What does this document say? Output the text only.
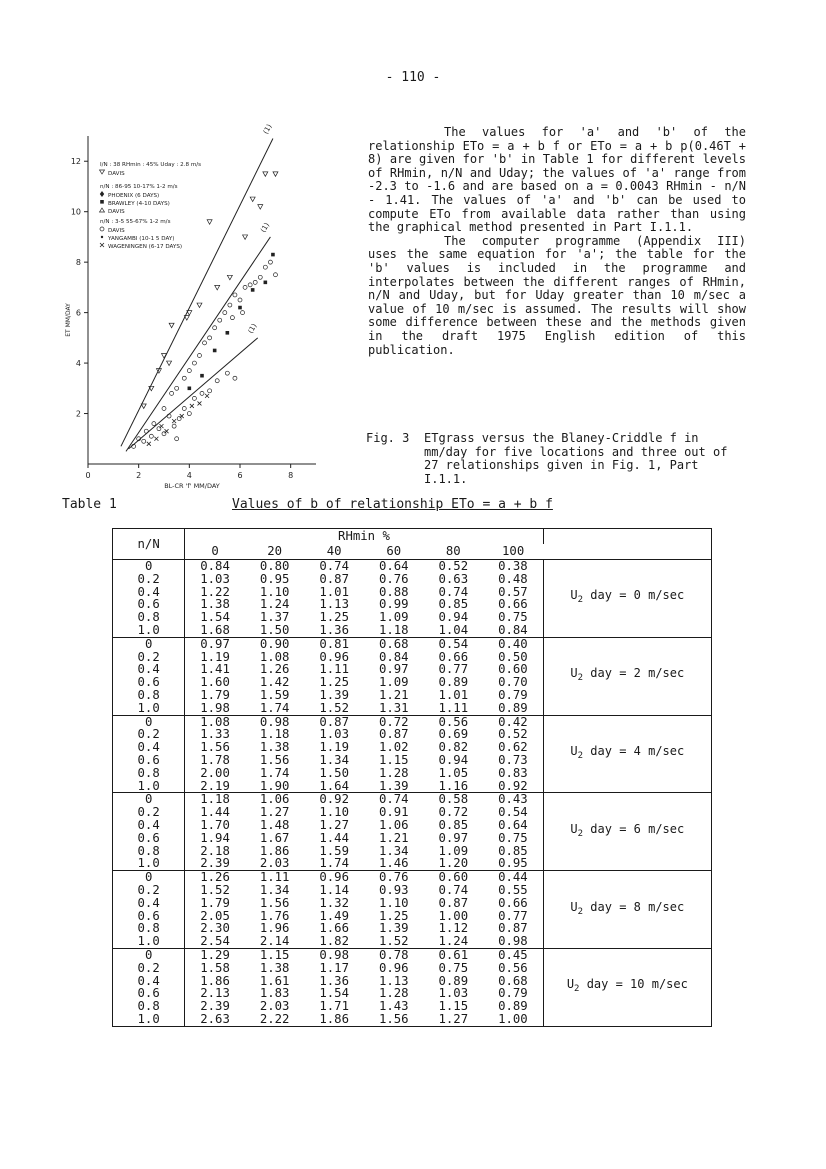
- 110 -
0	2	4	6	8
2
4
6
8
10
12
BL-CR 'f' MM/DAY
ET MM/DAY
(1)
(1)
(1)
I/N : 38 RHmin : 45% Uday : 2.8 m/s
DAVIS
n/N : 86-95 10-17% 1-2 m/s
PHOENIX (6 DAYS)
BRAWLEY (4-10 DAYS)
DAVIS
n/N : 3-5 55-67% 1-2 m/s
DAVIS
YANGAMBI (10-1 5 DAY)
WAGENINGEN (6-17 DAYS)

The values for 'a' and 'b' of the relationship ETo = a + b f or ETo = a + b p(0.46T + 8) are given for 'b' in Table 1 for different levels of RHmin, n/N and Uday; the values of 'a' range from -2.3 to -1.6 and are based on a = 0.0043 RHmin - n/N - 1.41. The values of 'a' and 'b' can be used to compute ETo from available data rather than using the graphical method presented in Part I.1.1.

The computer programme (Appendix III) uses the same equation for 'a'; the table for the 'b' values is included in the programme and interpolates between the different ranges of RHmin, n/N and Uday, but for Uday greater than 10 m/sec a value of 10 m/sec is assumed. The results will show some difference between these and the methods given in the draft 1975 English edition of this publication.

Fig. 3	ETgrass versus the Blaney-Criddle f in mm/day for five locations and three out of 27 relationships given in Fig. 1, Part I.1.1.
Table 1	Values of b of relationship ETo = a + b f
n/N	RHmin %						
	0	20	40	60	80	100	
0	0.84	0.80	0.74	0.64	0.52	0.38	$U_2$ day = 0 m/sec
0.2	1.03	0.95	0.87	0.76	0.63	0.48	
0.4	1.22	1.10	1.01	0.88	0.74	0.57	
0.6	1.38	1.24	1.13	0.99	0.85	0.66	
0.8	1.54	1.37	1.25	1.09	0.94	0.75	
1.0	1.68	1.50	1.36	1.18	1.04	0.84	
0	0.97	0.90	0.81	0.68	0.54	0.40	$U_2$ day = 2 m/sec
0.2	1.19	1.08	0.96	0.84	0.66	0.50	
0.4	1.41	1.26	1.11	0.97	0.77	0.60	
0.6	1.60	1.42	1.25	1.09	0.89	0.70	
0.8	1.79	1.59	1.39	1.21	1.01	0.79	
1.0	1.98	1.74	1.52	1.31	1.11	0.89	
0	1.08	0.98	0.87	0.72	0.56	0.42	$U_2$ day = 4 m/sec
0.2	1.33	1.18	1.03	0.87	0.69	0.52	
0.4	1.56	1.38	1.19	1.02	0.82	0.62	
0.6	1.78	1.56	1.34	1.15	0.94	0.73	
0.8	2.00	1.74	1.50	1.28	1.05	0.83	
1.0	2.19	1.90	1.64	1.39	1.16	0.92	
0	1.18	1.06	0.92	0.74	0.58	0.43	$U_2$ day = 6 m/sec
0.2	1.44	1.27	1.10	0.91	0.72	0.54	
0.4	1.70	1.48	1.27	1.06	0.85	0.64	
0.6	1.94	1.67	1.44	1.21	0.97	0.75	
0.8	2.18	1.86	1.59	1.34	1.09	0.85	
1.0	2.39	2.03	1.74	1.46	1.20	0.95	
0	1.26	1.11	0.96	0.76	0.60	0.44	$U_2$ day = 8 m/sec
0.2	1.52	1.34	1.14	0.93	0.74	0.55	
0.4	1.79	1.56	1.32	1.10	0.87	0.66	
0.6	2.05	1.76	1.49	1.25	1.00	0.77	
0.8	2.30	1.96	1.66	1.39	1.12	0.87	
1.0	2.54	2.14	1.82	1.52	1.24	0.98	
0	1.29	1.15	0.98	0.78	0.61	0.45	$U_2$ day = 10 m/sec
0.2	1.58	1.38	1.17	0.96	0.75	0.56	
0.4	1.86	1.61	1.36	1.13	0.89	0.68	
0.6	2.13	1.83	1.54	1.28	1.03	0.79	
0.8	2.39	2.03	1.71	1.43	1.15	0.89	
1.0	2.63	2.22	1.86	1.56	1.27	1.00	
